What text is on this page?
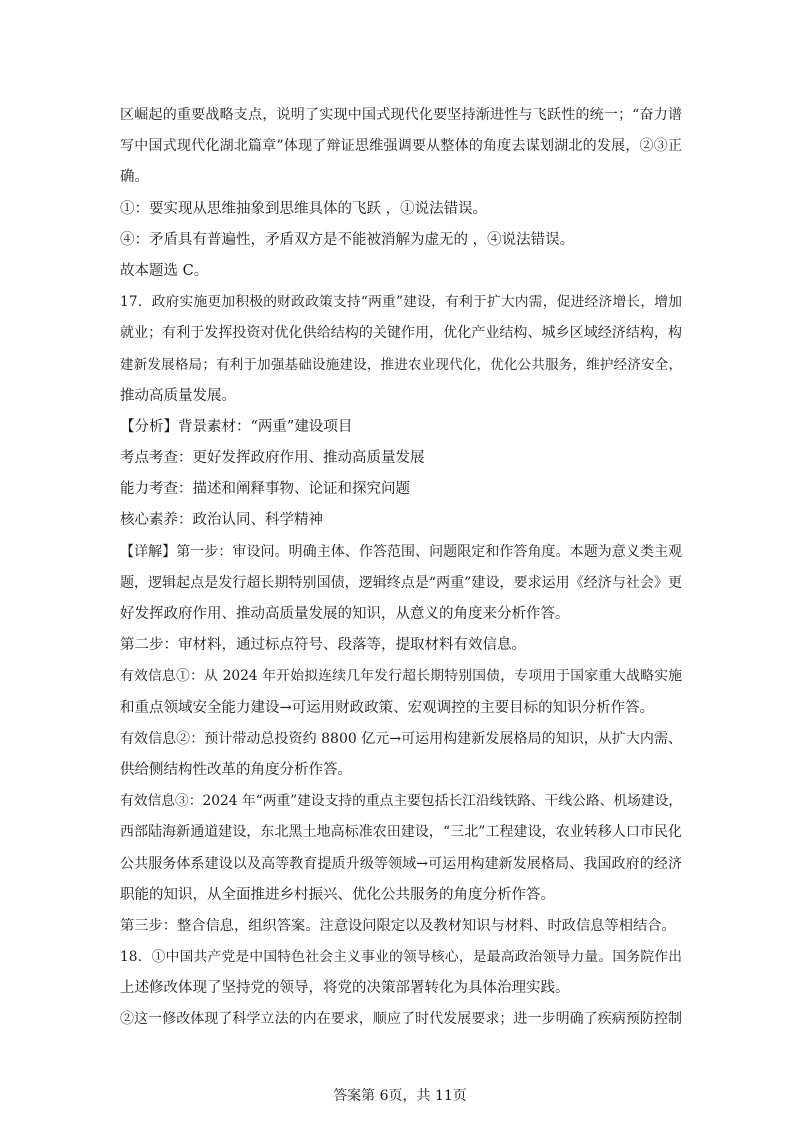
区崛起的重要战略支点，说明了实现中国式现代化要坚持渐进性与飞跃性的统一；“奋力谱
写中国式现代化湖北篇章”体现了辩证思维强调要从整体的角度去谋划湖北的发展，②③正
确。
①：要实现从思维抽象到思维具体的飞跃 ，①说法错误。
④：矛盾具有普遍性，矛盾双方是不能被消解为虚无的 ，④说法错误。
故本题选 C。
17．政府实施更加积极的财政政策支持“两重”建设，有利于扩大内需，促进经济增长，增加
就业；有利于发挥投资对优化供给结构的关键作用，优化产业结构、城乡区域经济结构，构
建新发展格局；有利于加强基础设施建设，推进农业现代化，优化公共服务，维护经济安全，
推动高质量发展。
【分析】背景素材：“两重”建设项目
考点考查：更好发挥政府作用、推动高质量发展
能力考查：描述和阐释事物、论证和探究问题
核心素养：政治认同、科学精神
【详解】第一步：审设问。明确主体、作答范围、问题限定和作答角度。本题为意义类主观
题，逻辑起点是发行超长期特别国债，逻辑终点是“两重”建设，要求运用《经济与社会》更
好发挥政府作用、推动高质量发展的知识，从意义的角度来分析作答。
第二步：审材料，通过标点符号、段落等，提取材料有效信息。
有效信息①：从 2024 年开始拟连续几年发行超长期特别国债，专项用于国家重大战略实施
和重点领域安全能力建设→可运用财政政策、宏观调控的主要目标的知识分析作答。
有效信息②：预计带动总投资约 8800 亿元→可运用构建新发展格局的知识，从扩大内需、
供给侧结构性改革的角度分析作答。
有效信息③：2024 年“两重”建设支持的重点主要包括长江沿线铁路、干线公路、机场建设，
西部陆海新通道建设，东北黑土地高标准农田建设，“三北”工程建设，农业转移人口市民化
公共服务体系建设以及高等教育提质升级等领域→可运用构建新发展格局、我国政府的经济
职能的知识，从全面推进乡村振兴、优化公共服务的角度分析作答。
第三步：整合信息，组织答案。注意设问限定以及教材知识与材料、时政信息等相结合。
18．①中国共产党是中国特色社会主义事业的领导核心，是最高政治领导力量。国务院作出
上述修改体现了坚持党的领导，将党的决策部署转化为具体治理实践。
②这一修改体现了科学立法的内在要求，顺应了时代发展要求；进一步明确了疾病预防控制
答案第 6页，共 11页
